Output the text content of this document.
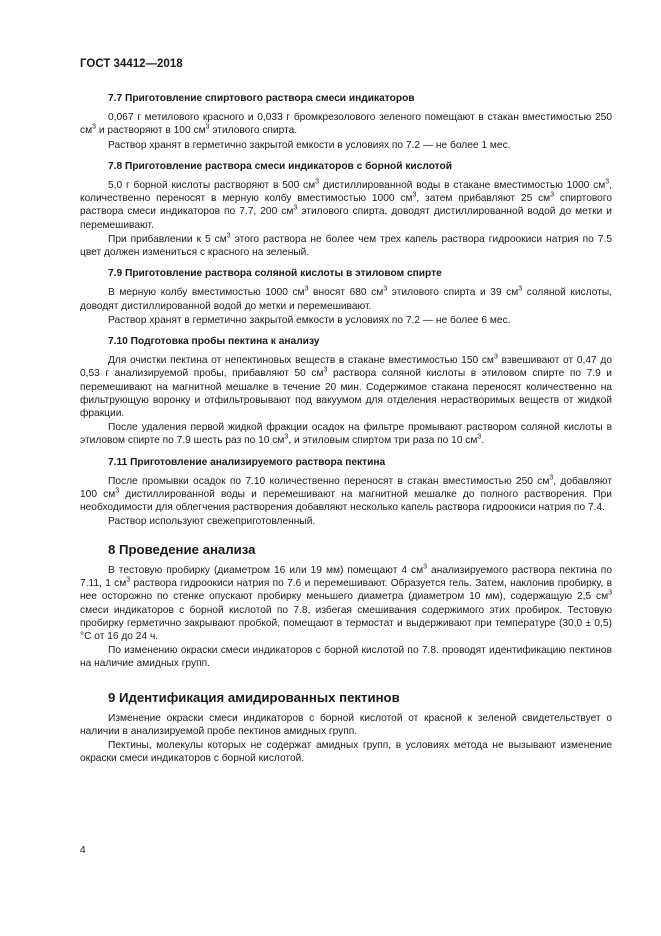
ГОСТ 34412—2018
7.7 Приготовление спиртового раствора смеси индикаторов
0,067 г метилового красного и 0,033 г бромкрезолового зеленого помещают в стакан вместимостью 250 $см^3$ и растворяют в 100 $см^3$ этилового спирта.
Раствор хранят в герметично закрытой емкости в условиях по 7.2 — не более 1 мес.
7.8 Приготовление раствора смеси индикаторов с борной кислотой
5,0 г борной кислоты растворяют в 500 $см^3$ дистиллированной воды в стакане вместимостью 1000 $см^3$, количественно переносят в мерную колбу вместимостью 1000 $см^3$, затем прибавляют 25 $см^3$ спиртового раствора смеси индикаторов по 7.7, 200 $см^3$ этилового спирта, доводят дистиллированной водой до метки и перемешивают.
При прибавлении к 5 $см^3$ этого раствора не более чем трех капель раствора гидроокиси натрия по 7.5 цвет должен измениться с красного на зеленый.
7.9 Приготовление раствора соляной кислоты в этиловом спирте
В мерную колбу вместимостью 1000 $см^3$ вносят 680 $см^3$ этилового спирта и 39 $см^3$ соляной кислоты, доводят дистиллированной водой до метки и перемешивают.
Раствор хранят в герметично закрытой емкости в условиях по 7.2 — не более 6 мес.
7.10 Подготовка пробы пектина к анализу
Для очистки пектина от непектиновых веществ в стакане вместимостью 150 $см^3$ взвешивают от 0,47 до 0,53 г анализируемой пробы, прибавляют 50 $см^3$ раствора соляной кислоты в этиловом спирте по 7.9 и перемешивают на магнитной мешалке в течение 20 мин. Содержимое стакана переносят количественно на фильтрующую воронку и отфильтровывают под вакуумом для отделения нерастворимых веществ от жидкой фракции.
После удаления первой жидкой фракции осадок на фильтре промывают раствором соляной кислоты в этиловом спирте по 7.9 шесть раз по 10 $см^3$, и этиловым спиртом три раза по 10 $см^3$.
7.11 Приготовление анализируемого раствора пектина
После промывки осадок по 7.10 количественно переносят в стакан вместимостью 250 $см^3$, добавляют 100 $см^3$ дистиллированной воды и перемешивают на магнитной мешалке до полного растворения. При необходимости для облегчения растворения добавляют несколько капель раствора гидроокиси натрия по 7.4.
Раствор используют свежеприготовленный.
8 Проведение анализа
В тестовую пробирку (диаметром 16 или 19 мм) помещают 4 $см^3$ анализируемого раствора пектина по 7.11, 1 $см^3$ раствора гидроокиси натрия по 7.6 и перемешивают. Образуется гель. Затем, наклонив пробирку, в нее осторожно по стенке опускают пробирку меньшего диаметра (диаметром 10 мм), содержащую 2,5 $см^3$ смеси индикаторов с борной кислотой по 7.8, избегая смешивания содержимого этих пробирок. Тестовую пробирку герметично закрывают пробкой, помещают в термостат и выдерживают при температуре (30,0 ± 0,5) °С от 16 до 24 ч.
По изменению окраски смеси индикаторов с борной кислотой по 7.8. проводят идентификацию пектинов на наличие амидных групп.
9 Идентификация амидированных пектинов
Изменение окраски смеси индикаторов с борной кислотой от красной к зеленой свидетельствует о наличии в анализируемой пробе пектинов амидных групп.
Пектины, молекулы которых не содержат амидных групп, в условиях метода не вызывают изменение окраски смеси индикаторов с борной кислотой.
4
